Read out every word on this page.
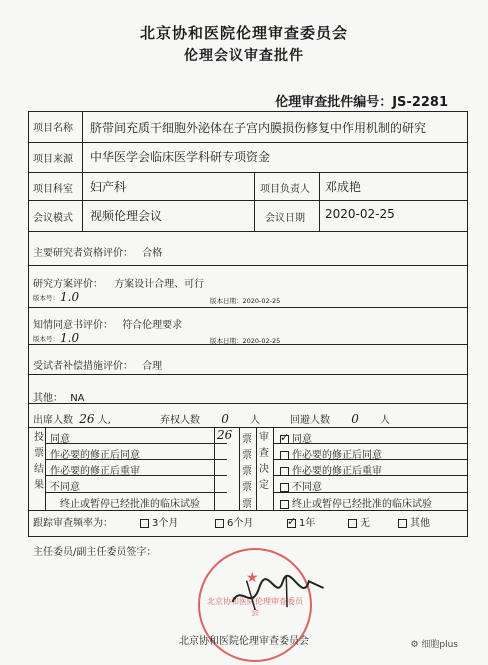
北京协和医院伦理审查委员会
伦理会议审查批件
伦理审查批件编号：JS-2281
项目名称 脐带间充质干细胞外泌体在子宫内膜损伤修复中作用机制的研究
项目来源 中华医学会临床医学科研专项资金
项目科室 妇产科	项目负责人 邓成艳
会议模式 视频伦理会议	会议日期 2020-02-25
主要研究者资格评价： 合格
研究方案评价： 方案设计合理、可行
版本号： 1.0	版本日期：2020-02-25
知情同意书评价： 符合伦理要求
版本号： 1.0	版本日期：2020-02-25
受试者补偿措施评价： 合理
其他： NA
出席人数 26 人,	弃权人数 0 人	回避人数 0 人
投
票
结
果
同意	26 票
作必要的修正后同意	票
作必要的修正后重审	票
不同意	票
终止或暂停已经批准的临床试验	票
审
查
决
定
✓同意
作必要的修正后同意
作必要的修正后重审
不同意
终止或暂停已经批准的临床试验
跟踪审查频率为：	3个月	6个月
✓	1年	无	其他
主任委员/副主任委员签字：
★
北京协和医院伦理审查委员会
北京协和医院伦理审查委员会	⚙ 细胞plus
